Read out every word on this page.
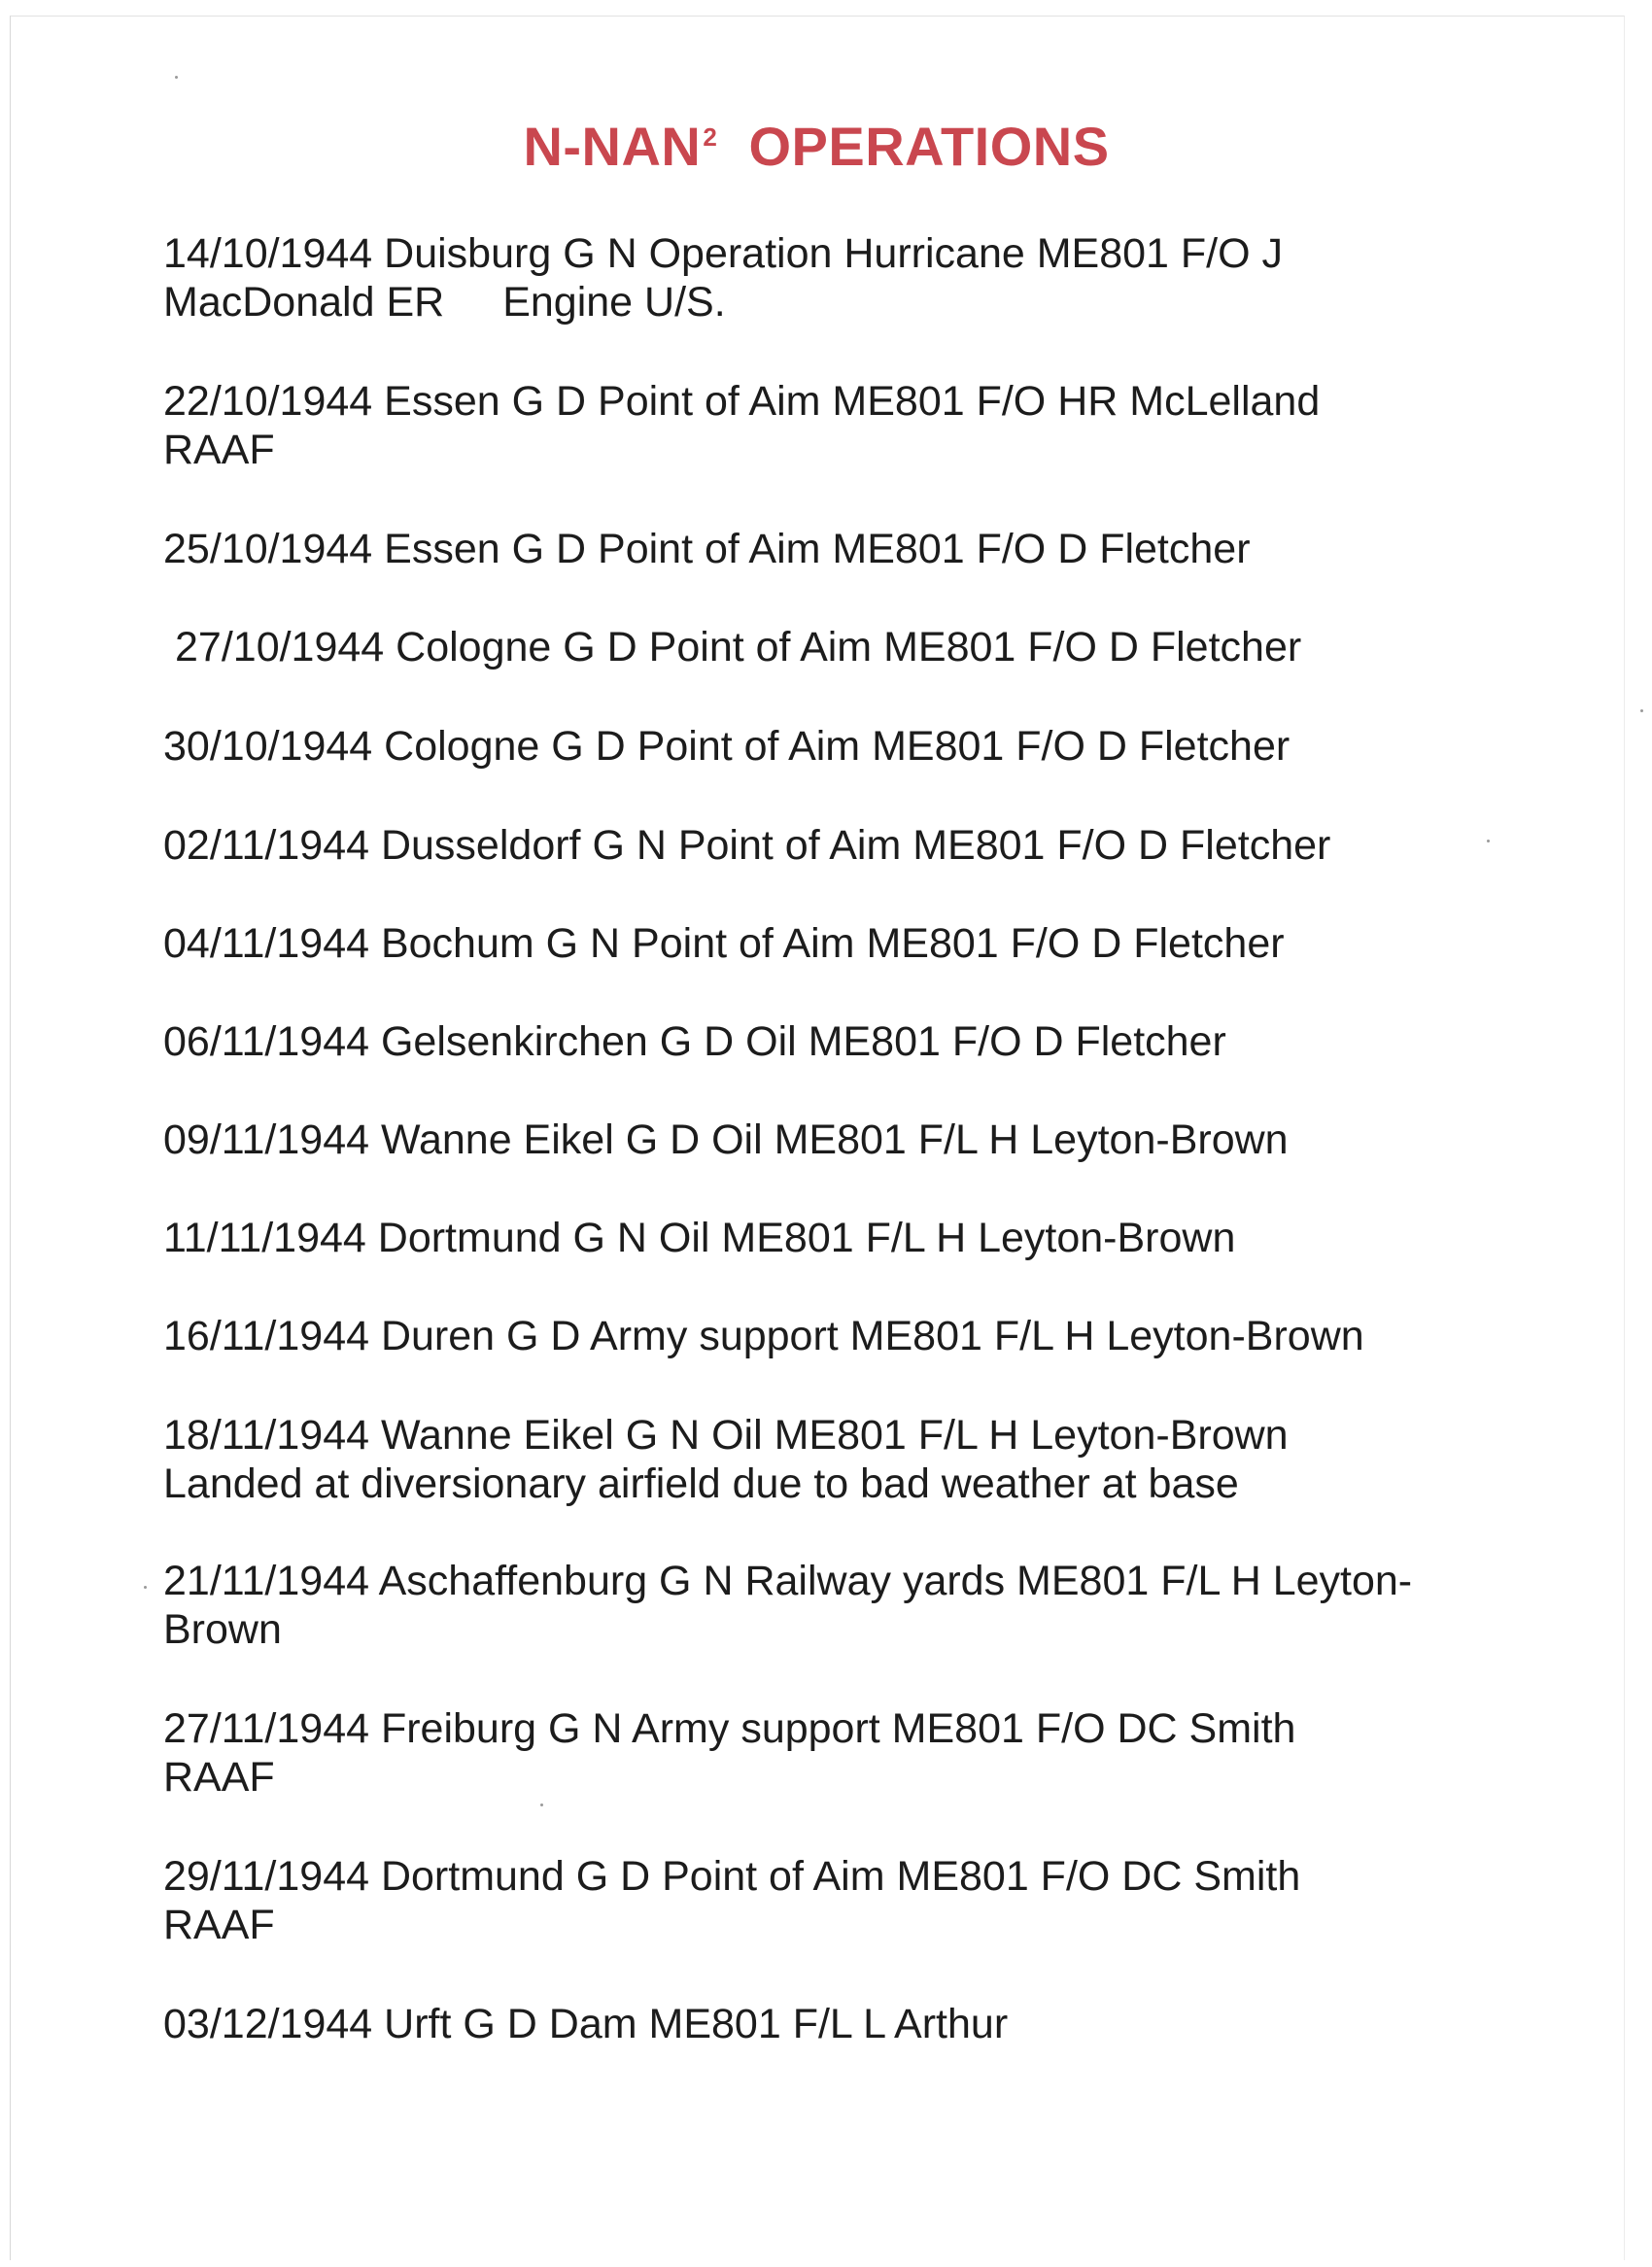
N-NAN$^2$ OPERATIONS
14/10/1944 Duisburg G N Operation Hurricane ME801 F/O J
MacDonald ER Engine U/S.
22/10/1944 Essen G D Point of Aim ME801 F/O HR McLelland
RAAF
25/10/1944 Essen G D Point of Aim ME801 F/O D Fletcher
27/10/1944 Cologne G D Point of Aim ME801 F/O D Fletcher
30/10/1944 Cologne G D Point of Aim ME801 F/O D Fletcher
02/11/1944 Dusseldorf G N Point of Aim ME801 F/O D Fletcher
04/11/1944 Bochum G N Point of Aim ME801 F/O D Fletcher
06/11/1944 Gelsenkirchen G D Oil ME801 F/O D Fletcher
09/11/1944 Wanne Eikel G D Oil ME801 F/L H Leyton-Brown
11/11/1944 Dortmund G N Oil ME801 F/L H Leyton-Brown
16/11/1944 Duren G D Army support ME801 F/L H Leyton-Brown
18/11/1944 Wanne Eikel G N Oil ME801 F/L H Leyton-Brown
Landed at diversionary airfield due to bad weather at base
21/11/1944 Aschaffenburg G N Railway yards ME801 F/L H Leyton-
Brown
27/11/1944 Freiburg G N Army support ME801 F/O DC Smith
RAAF
29/11/1944 Dortmund G D Point of Aim ME801 F/O DC Smith
RAAF
03/12/1944 Urft G D Dam ME801 F/L L Arthur
